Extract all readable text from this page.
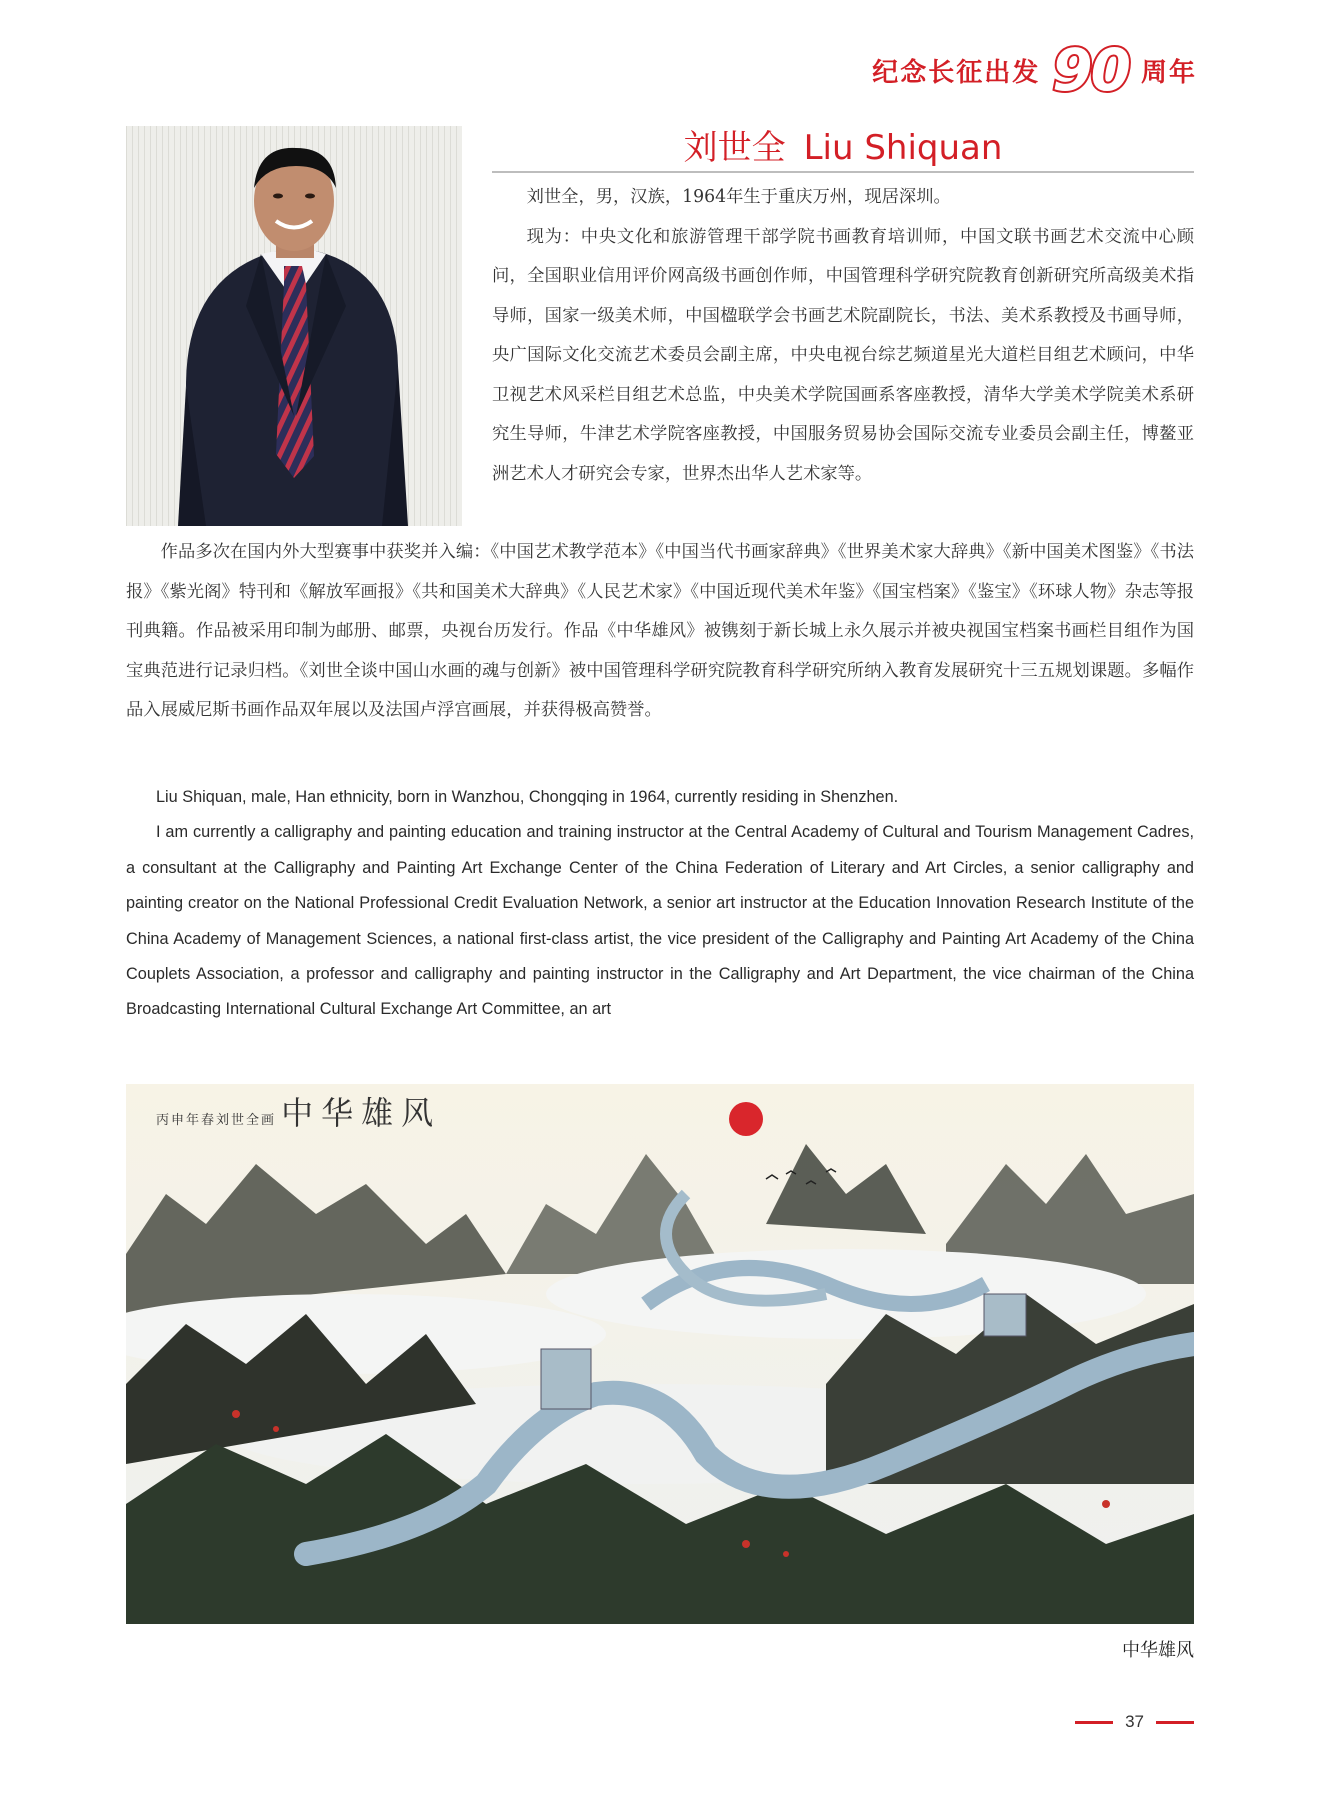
纪念长征出发 90 周年
刘世全 Liu Shiquan

刘世全，男，汉族，1964年生于重庆万州，现居深圳。

现为：中央文化和旅游管理干部学院书画教育培训师，中国文联书画艺术交流中心顾问，全国职业信用评价网高级书画创作师，中国管理科学研究院教育创新研究所高级美术指导师，国家一级美术师，中国楹联学会书画艺术院副院长，书法、美术系教授及书画导师，央广国际文化交流艺术委员会副主席，中央电视台综艺频道星光大道栏目组艺术顾问，中华卫视艺术风采栏目组艺术总监，中央美术学院国画系客座教授，清华大学美术学院美术系研究生导师，牛津艺术学院客座教授，中国服务贸易协会国际交流专业委员会副主任，博鳌亚洲艺术人才研究会专家，世界杰出华人艺术家等。

作品多次在国内外大型赛事中获奖并入编：《中国艺术教学范本》《中国当代书画家辞典》《世界美术家大辞典》《新中国美术图鉴》《书法报》《紫光阁》特刊和《解放军画报》《共和国美术大辞典》《人民艺术家》《中国近现代美术年鉴》《国宝档案》《鉴宝》《环球人物》杂志等报刊典籍。作品被采用印制为邮册、邮票，央视台历发行。作品《中华雄风》被镌刻于新长城上永久展示并被央视国宝档案书画栏目组作为国宝典范进行记录归档。《刘世全谈中国山水画的魂与创新》被中国管理科学研究院教育科学研究所纳入教育发展研究十三五规划课题。多幅作品入展威尼斯书画作品双年展以及法国卢浮宫画展，并获得极高赞誉。

Liu Shiquan, male, Han ethnicity, born in Wanzhou, Chongqing in 1964, currently residing in Shenzhen.

I am currently a calligraphy and painting education and training instructor at the Central Academy of Cultural and Tourism Management Cadres, a consultant at the Calligraphy and Painting Art Exchange Center of the China Federation of Literary and Art Circles, a senior calligraphy and painting creator on the National Professional Credit Evaluation Network, a senior art instructor at the Education Innovation Research Institute of the China Academy of Management Sciences, a national first-class artist, the vice president of the Calligraphy and Painting Art Academy of the China Couplets Association, a professor and calligraphy and painting instructor in the Calligraphy and Art Department, the vice chairman of the China Broadcasting International Cultural Exchange Art Committee, an art

丙申年春刘世全画 中华雄风
中华雄风
37
